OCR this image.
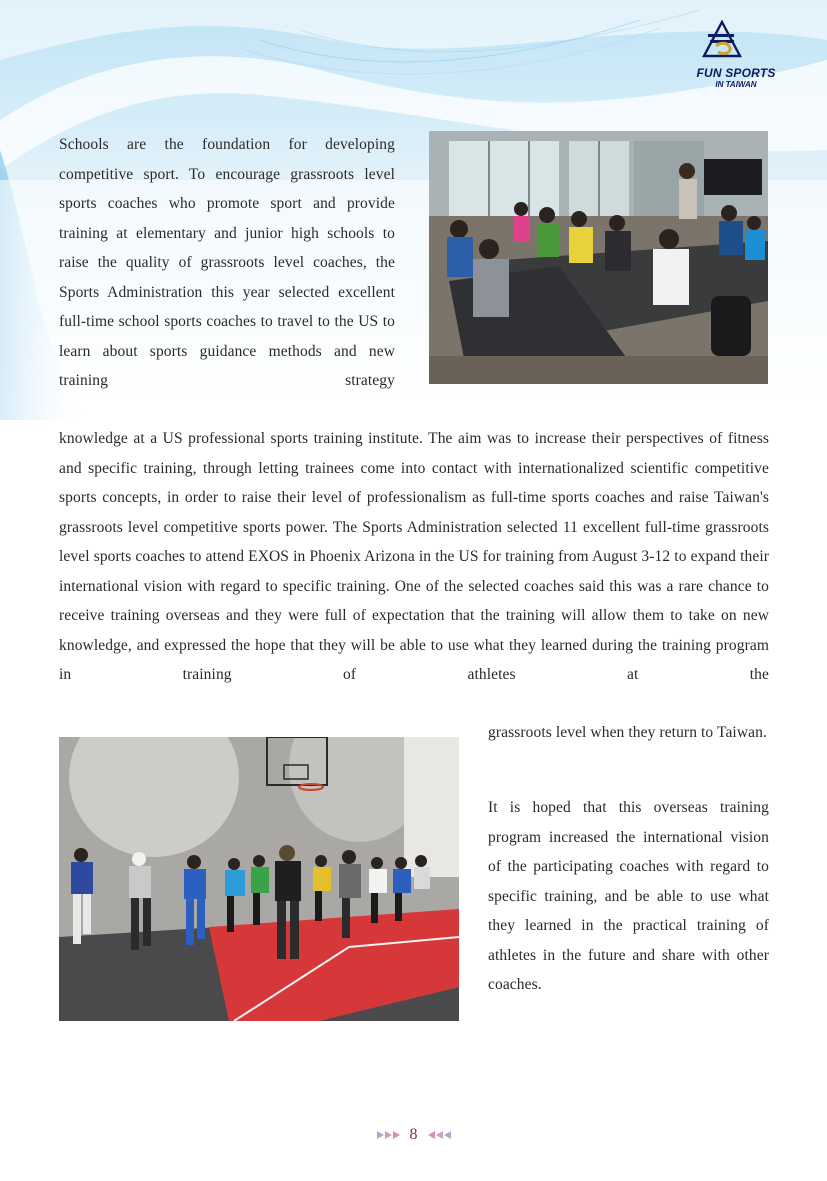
FUN SPORTS
IN TAIWAN

Schools are the foundation for developing competitive sport. To encourage grassroots level sports coaches who promote sport and provide training at elementary and junior high schools to raise the quality of grassroots level coaches, the Sports Administration this year selected excellent full-time school sports coaches to travel to the US to learn about sports guidance methods and new training strategy

knowledge at a US professional sports training institute. The aim was to increase their perspectives of fitness and specific training, through letting trainees come into contact with internationalized scientific competitive sports concepts, in order to raise their level of professionalism as full-time sports coaches and raise Taiwan's grassroots level competitive sports power. The Sports Administration selected 11 excellent full-time grassroots level sports coaches to attend EXOS in Phoenix Arizona in the US for training from August 3-12 to expand their international vision with regard to specific training. One of the selected coaches said this was a rare chance to receive training overseas and they were full of expectation that the training will allow them to take on new knowledge, and expressed the hope that they will be able to use what they learned during the training program in training of athletes at the

grassroots level when they return to Taiwan.

It is hoped that this overseas training program increased the international vision of the participating coaches with regard to specific training, and be able to use what they learned in the practical training of athletes in the future and share with other coaches.

8
